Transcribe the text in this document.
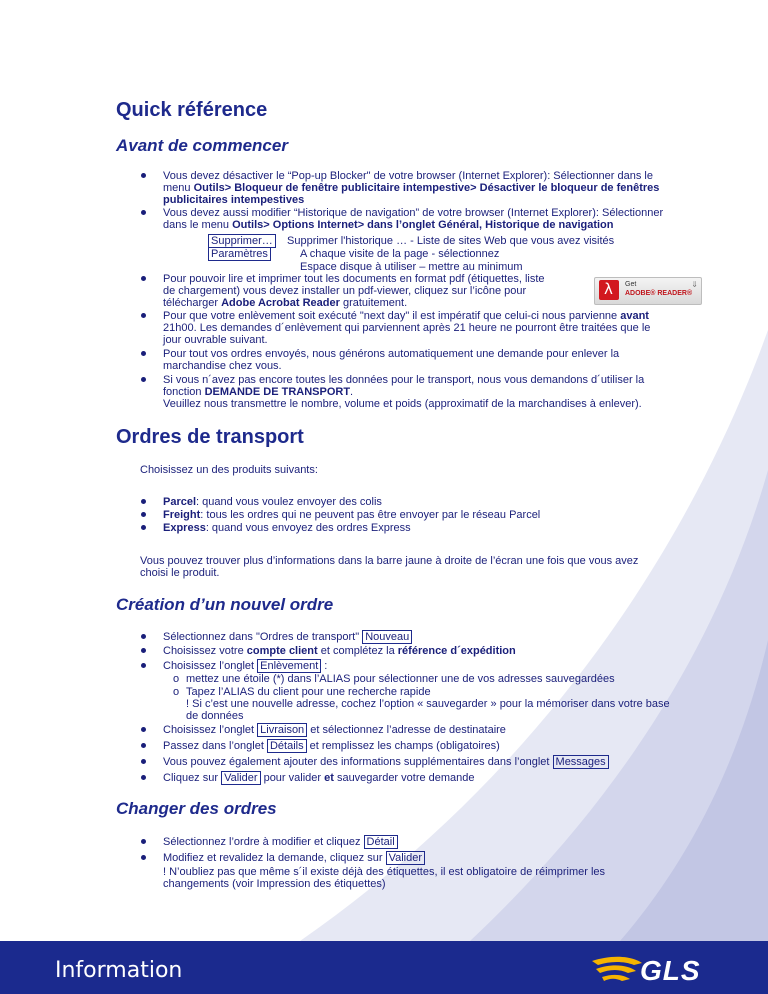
Quick référence
Avant de commencer

Vous devez désactiver le “Pop-up Blocker" de votre browser (Internet Explorer): Sélectionner dans le

menu Outils> Bloqueur de fenêtre publicitaire intempestive> Désactiver le bloqueur de fenêtres

publicitaires intempestives

Vous devez aussi modifier “Historique de navigation” de votre browser (Internet Explorer): Sélectionner

dans le menu Outils> Options Internet> dans l’onglet Général, Historique de navigation

Supprimer… Supprimer l'historique … - Liste de sites Web que vous avez visités

Paramètres	A chaque visite de la page - sélectionnez

Espace disque à utiliser – mettre au minimum

Pour pouvoir lire et imprimer tout les documents en format pdf (étiquettes, liste

de chargement) vous devez installer un pdf-viewer, cliquez sur l’icône pour

télécharger Adobe Acrobat Reader gratuitement.

λ
Get
ADOBE® READER®
⇓

Pour que votre enlèvement soit exécuté "next day" il est impératif que celui-ci nous parvienne avant

21h00. Les demandes d´enlèvement qui parviennent après 21 heure ne pourront être traitées que le

jour ouvrable suivant.

Pour tout vos ordres envoyés, nous générons automatiquement une demande pour enlever la

marchandise chez vous.

Si vous n´avez pas encore toutes les données pour le transport, nous vous demandons d´utiliser la

fonction DEMANDE DE TRANSPORT.

Veuillez nous transmettre le nombre, volume et poids (approximatif de la marchandises à enlever).

Ordres de transport

Choisissez un des produits suivants:

Parcel: quand vous voulez envoyer des colis

Freight: tous les ordres qui ne peuvent pas être envoyer par le réseau Parcel

Express: quand vous envoyez des ordres Express

Vous pouvez trouver plus d’informations dans la barre jaune à droite de l’écran une fois que vous avez

choisi le produit.

Création d’un nouvel ordre

Sélectionnez dans "Ordres de transport" Nouveau

Choisissez votre compte client et complétez la référence d´expédition

Choisissez l’onglet Enlèvement :

o mettez une étoile (*) dans l’ALIAS pour sélectionner une de vos adresses sauvegardées

o Tapez l’ALIAS du client pour une recherche rapide

! Si c’est une nouvelle adresse, cochez l’option « sauvegarder » pour la mémoriser dans votre base

de données

Choisissez l’onglet Livraison et sélectionnez l’adresse de destinataire

Passez dans l’onglet Détails et remplissez les champs (obligatoires)

Vous pouvez également ajouter des informations supplémentaires dans l’onglet Messages

Cliquez sur Valider pour valider et sauvegarder votre demande

Changer des ordres

Sélectionnez l’ordre à modifier et cliquez Détail

Modifiez et revalidez la demande, cliquez sur Valider

! N’oubliez pas que même s´il existe déjà des étiquettes, il est obligatoire de réimprimer les

changements (voir Impression des étiquettes)

Information	GLS
